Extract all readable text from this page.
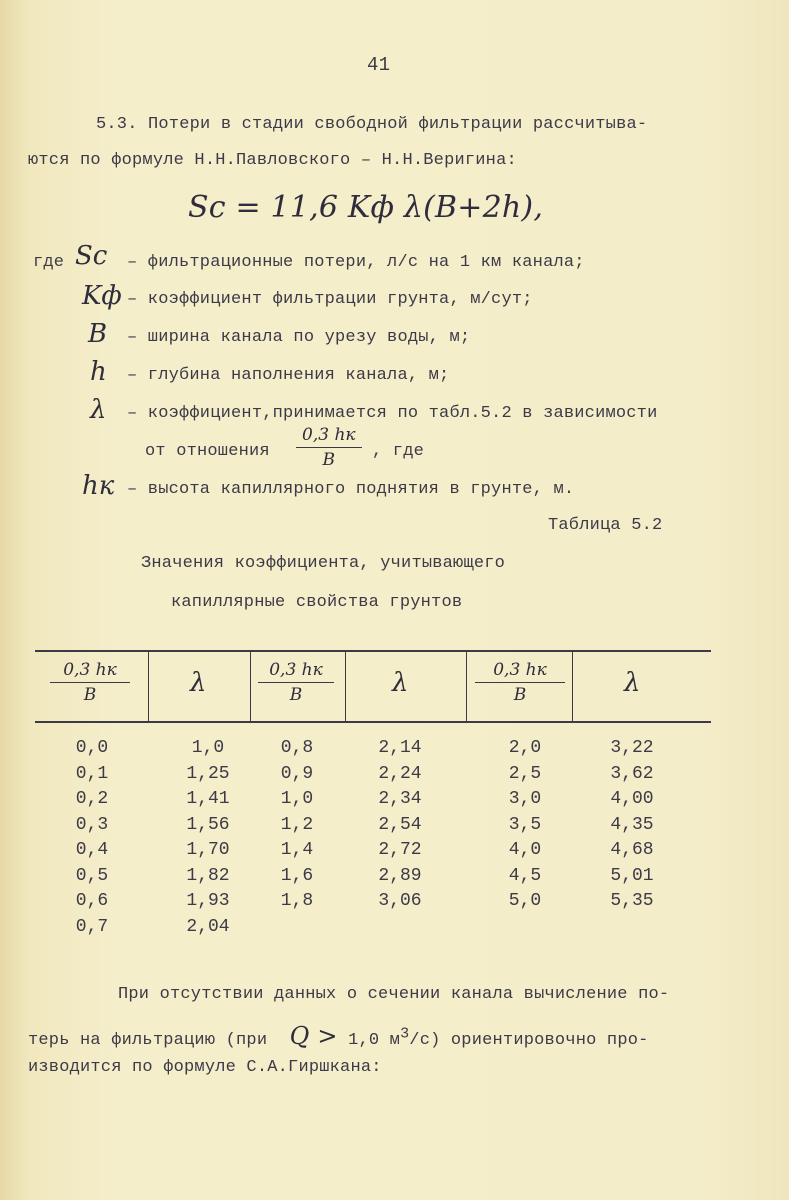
41
5.3. Потери в стадии свободной фильтрации рассчитыва-
ются по формуле Н.Н.Павловского – Н.Н.Веригина:
Sc = 11,6 Kф λ(B+2h),
где Sc – фильтрационные потери, л/с на 1 км канала;
Kф – коэффициент фильтрации грунта, м/сут;
B – ширина канала по урезу воды, м;
h – глубина наполнения канала, м;
λ – коэффициент,принимается по табл.5.2 в зависимости
от отношения
0,3 hк
B	, где
hк – высота капиллярного поднятия в грунте, м.
Таблица 5.2
Значения коэффициента, учитывающего
капиллярные свойства грунтов
0,3 hк
B	λ	0,3 hк
B	λ	0,3 hк
B	λ
0,0	1,0	0,8	2,14	2,0	3,22
0,1	1,25	0,9	2,24	2,5	3,62
0,2	1,41	1,0	2,34	3,0	4,00
0,3	1,56	1,2	2,54	3,5	4,35
0,4	1,70	1,4	2,72	4,0	4,68
0,5	1,82	1,6	2,89	4,5	5,01
0,6	1,93	1,8	3,06	5,0	5,35
0,7	2,04
При отсутствии данных о сечении канала вычисление по-
терь на фильтрацию (при Q > 1,0 $м^3/с$) ориентировочно про-
изводится по формуле С.А.Гиршкана:
